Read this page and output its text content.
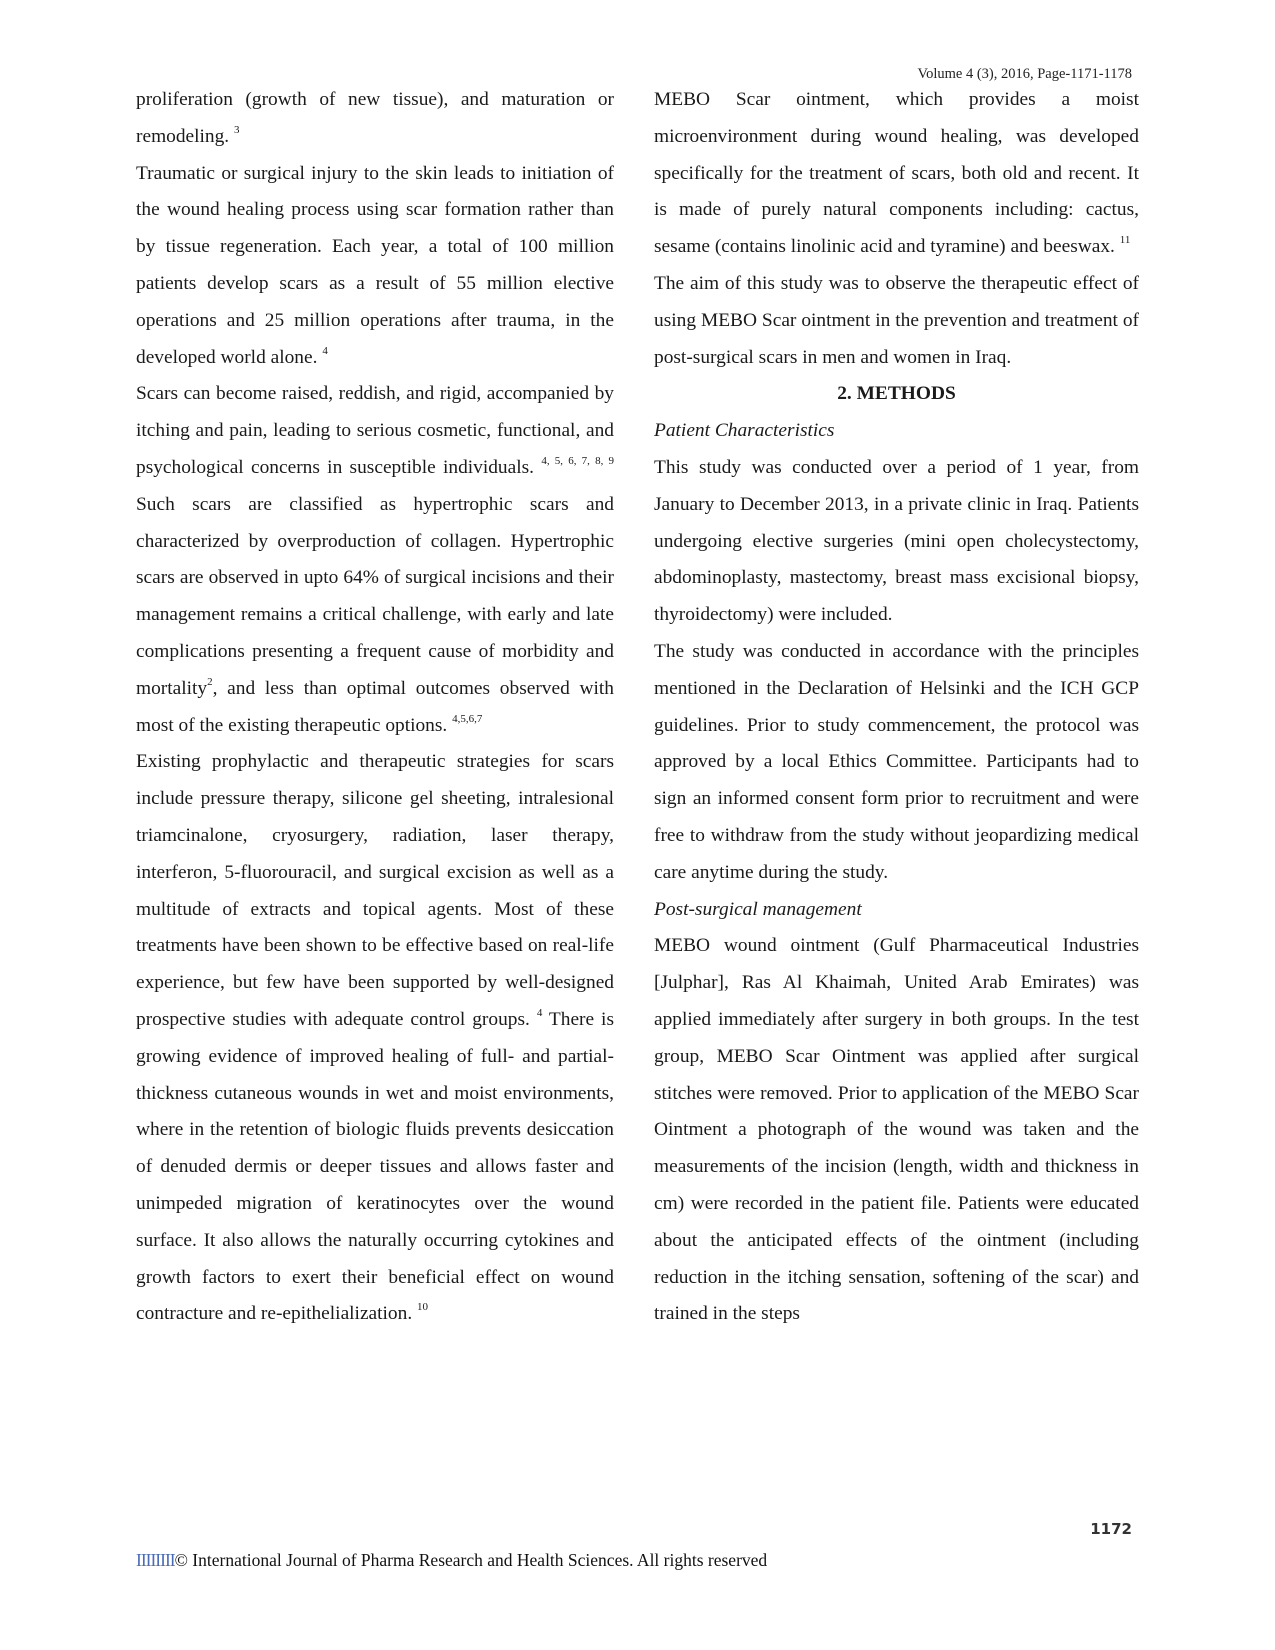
Volume 4 (3), 2016, Page-1171-1178

proliferation (growth of new tissue), and maturation or remodeling. $^3$

Traumatic or surgical injury to the skin leads to initiation of the wound healing process using scar formation rather than by tissue regeneration. Each year, a total of 100 million patients develop scars as a result of 55 million elective operations and 25 million operations after trauma, in the developed world alone. $^4$

Scars can become raised, reddish, and rigid, accompanied by itching and pain, leading to serious cosmetic, functional, and psychological concerns in susceptible individuals. $^{4, 5, 6, 7, 8, 9}$ Such scars are classified as hypertrophic scars and characterized by overproduction of collagen. Hypertrophic scars are observed in upto 64% of surgical incisions and their management remains a critical challenge, with early and late complications presenting a frequent cause of morbidity and mortality$^2$, and less than optimal outcomes observed with most of the existing therapeutic options. $^{4,5,6,7}$

Existing prophylactic and therapeutic strategies for scars include pressure therapy, silicone gel sheeting, intralesional triamcinalone, cryosurgery, radiation, laser therapy, interferon, 5-fluorouracil, and surgical excision as well as a multitude of extracts and topical agents. Most of these treatments have been shown to be effective based on real-life experience, but few have been supported by well-designed prospective studies with adequate control groups. $^4$ There is growing evidence of improved healing of full- and partial-thickness cutaneous wounds in wet and moist environments, where in the retention of biologic fluids prevents desiccation of denuded dermis or deeper tissues and allows faster and unimpeded migration of keratinocytes over the wound surface. It also allows the naturally occurring cytokines and growth factors to exert their beneficial effect on wound contracture and re-epithelialization. $^{10}$

MEBO Scar ointment, which provides a moist microenvironment during wound healing, was developed specifically for the treatment of scars, both old and recent. It is made of purely natural components including: cactus, sesame (contains linolinic acid and tyramine) and beeswax. $^{11}$

The aim of this study was to observe the therapeutic effect of using MEBO Scar ointment in the prevention and treatment of post-surgical scars in men and women in Iraq.

2. METHODS

Patient Characteristics

This study was conducted over a period of 1 year, from January to December 2013, in a private clinic in Iraq. Patients undergoing elective surgeries (mini open cholecystectomy, abdominoplasty, mastectomy, breast mass excisional biopsy, thyroidectomy) were included.

The study was conducted in accordance with the principles mentioned in the Declaration of Helsinki and the ICH GCP guidelines. Prior to study commencement, the protocol was approved by a local Ethics Committee. Participants had to sign an informed consent form prior to recruitment and were free to withdraw from the study without jeopardizing medical care anytime during the study.

Post-surgical management

MEBO wound ointment (Gulf Pharmaceutical Industries [Julphar], Ras Al Khaimah, United Arab Emirates) was applied immediately after surgery in both groups. In the test group, MEBO Scar Ointment was applied after surgical stitches were removed. Prior to application of the MEBO Scar Ointment a photograph of the wound was taken and the measurements of the incision (length, width and thickness in cm) were recorded in the patient file. Patients were educated about the anticipated effects of the ointment (including reduction in the itching sensation, softening of the scar) and trained in the steps

1172
IIIIIIII© International Journal of Pharma Research and Health Sciences. All rights reserved
